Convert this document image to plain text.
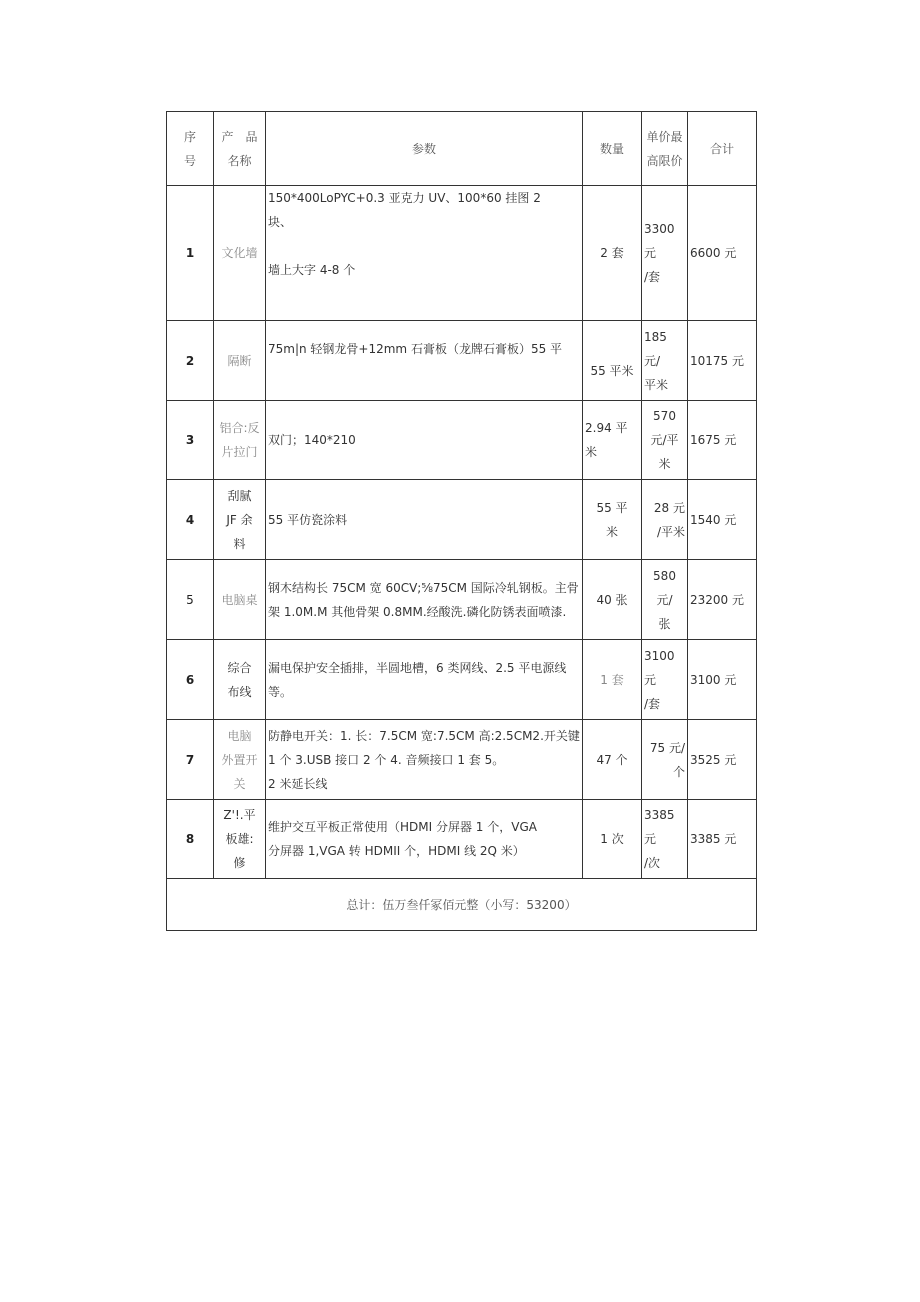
序
号	产　品
名称	参数	数量	单价最
高限价	合计
1	文化墙	150*400LoPYC+0.3 亚克力 UV、100*60 挂图 2
块、
墙上大字 4-8 个	2 套	3300 元
/套	6600 元
2	隔断	75m|n 轻钢龙骨+12mm 石膏板（龙牌石膏板）55 平	55 平米	185 元/
平米	10175 元
3	铝合:反
片拉门	双门；140*210	2.94 平
米	570
元/平
米	1675 元
4	刮腻
JF 余
料	55 平仿瓷涂料	55 平
米	28 元
/平米	1540 元
5	电脑桌	钢木结构长 75CM 宽 60CV;⅝75CM 国际冷轧钢板。主骨
架 1.0M.M 其他骨架 0.8MM.经酸洗.磷化防锈表面喷漆.	40 张	580 元/
张	23200 元
6	综合
布线	漏电保护安全插排，半圆地槽，6 类网线、2.5 平电源线
等。	1 套	3100 元
/套	3100 元
7	电脑
外置开
关	防静电开关：1. 长：7.5CM 宽:7.5CM 高:2.5CM2.开关键
1 个 3.USB 接口 2 个 4. 音频接口 1 套 5。
2 米延长线	47 个	75 元/
个	3525 元
8	Z'!.平
板雄:
修	维护交互平板正常使用（HDMI 分屏器 1 个，VGA
分屏器 1,VGA 转 HDMII 个，HDMI 线 2Q 米）	1 次	3385 元
/次	3385 元
总计：伍万叁仟冢佰元整（小写：53200）					
